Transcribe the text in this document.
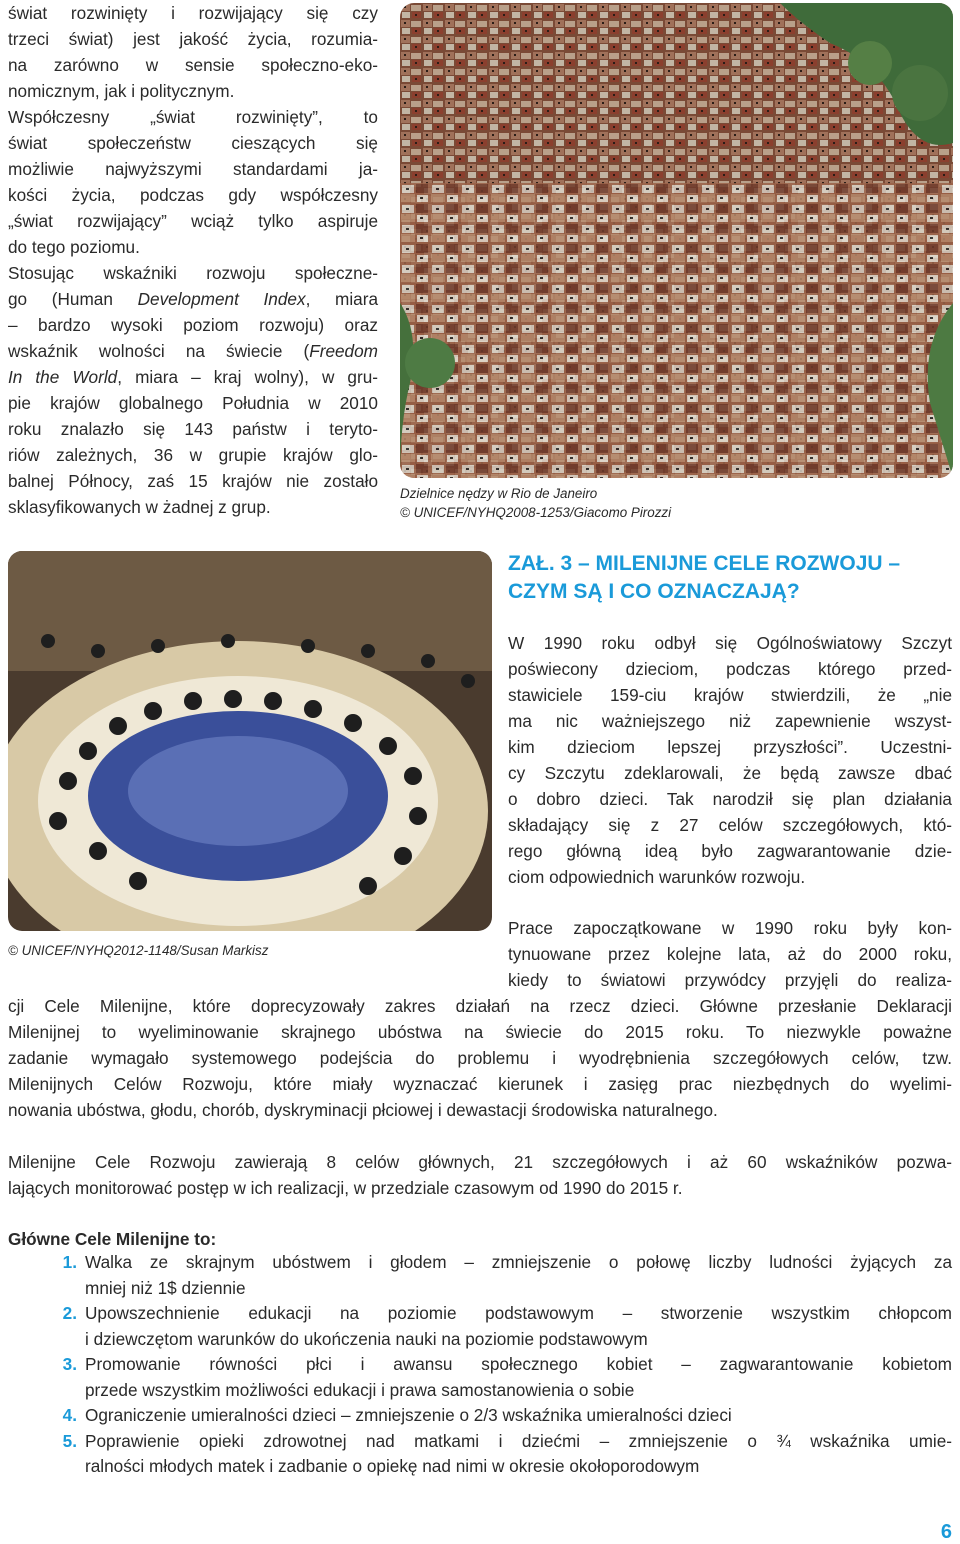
świat rozwinięty i rozwijający się czy
trzeci świat) jest jakość życia, rozumia-
na zarówno w sensie społeczno-eko-
nomicznym, jak i politycznym.
Współczesny „świat rozwinięty”, to
świat społeczeństw cieszących się
możliwie najwyższymi standardami ja-
kości życia, podczas gdy współczesny
„świat rozwijający” wciąż tylko aspiruje
do tego poziomu.
Stosując wskaźniki rozwoju społeczne-
go (Human Development Index, miara
– bardzo wysoki poziom rozwoju) oraz
wskaźnik wolności na świecie (Freedom
In the World, miara – kraj wolny), w gru-
pie krajów globalnego Południa w 2010
roku znalazło się 143 państw i teryto-
riów zależnych, 36 w grupie krajów glo-
balnej Północy, zaś 15 krajów nie zostało
sklasyfikowanych w żadnej z grup.
Dzielnice nędzy w Rio de Janeiro
© UNICEF/NYHQ2008-1253/Giacomo Pirozzi
© UNICEF/NYHQ2012-1148/Susan Markisz
ZAŁ. 3 – MILENIJNE CELE ROZWOJU –
CZYM SĄ I CO OZNACZAJĄ?
W 1990 roku odbył się Ogólnoświatowy Szczyt
poświecony dzieciom, podczas którego przed-
stawiciele 159-ciu krajów stwierdzili, że „nie
ma nic ważniejszego niż zapewnienie wszyst-
kim dzieciom lepszej przyszłości”. Uczestni-
cy Szczytu zdeklarowali, że będą zawsze dbać
o dobro dzieci. Tak narodził się plan działania
składający się z 27 celów szczegółowych, któ-
rego główną ideą było zagwarantowanie dzie-
ciom odpowiednich warunków rozwoju.
Prace zapoczątkowane w 1990 roku były kon-
tynuowane przez kolejne lata, aż do 2000 roku,
kiedy to światowi przywódcy przyjęli do realiza-
cji Cele Milenijne, które doprecyzowały zakres działań na rzecz dzieci. Główne przesłanie Deklaracji
Milenijnej to wyeliminowanie skrajnego ubóstwa na świecie do 2015 roku. To niezwykle poważne
zadanie wymagało systemowego podejścia do problemu i wyodrębnienia szczegółowych celów, tzw.
Milenijnych Celów Rozwoju, które miały wyznaczać kierunek i zasięg prac niezbędnych do wyelimi-
nowania ubóstwa, głodu, chorób, dyskryminacji płciowej i dewastacji środowiska naturalnego.
Milenijne Cele Rozwoju zawierają 8 celów głównych, 21 szczegółowych i aż 60 wskaźników pozwa-
lających monitorować postęp w ich realizacji, w przedziale czasowym od 1990 do 2015 r.
Główne Cele Milenijne to:
1. Walka ze skrajnym ubóstwem i głodem – zmniejszenie o połowę liczby ludności żyjących za
mniej niż 1$ dziennie
2. Upowszechnienie edukacji na poziomie podstawowym – stworzenie wszystkim chłopcom
i dziewczętom warunków do ukończenia nauki na poziomie podstawowym
3. Promowanie równości płci i awansu społecznego kobiet – zagwarantowanie kobietom
przede wszystkim możliwości edukacji i prawa samostanowienia o sobie
4. Ograniczenie umieralności dzieci – zmniejszenie o 2/3 wskaźnika umieralności dzieci
5. Poprawienie opieki zdrowotnej nad matkami i dziećmi – zmniejszenie o ¾ wskaźnika umie-
ralności młodych matek i zadbanie o opiekę nad nimi w okresie okołoporodowym
6
